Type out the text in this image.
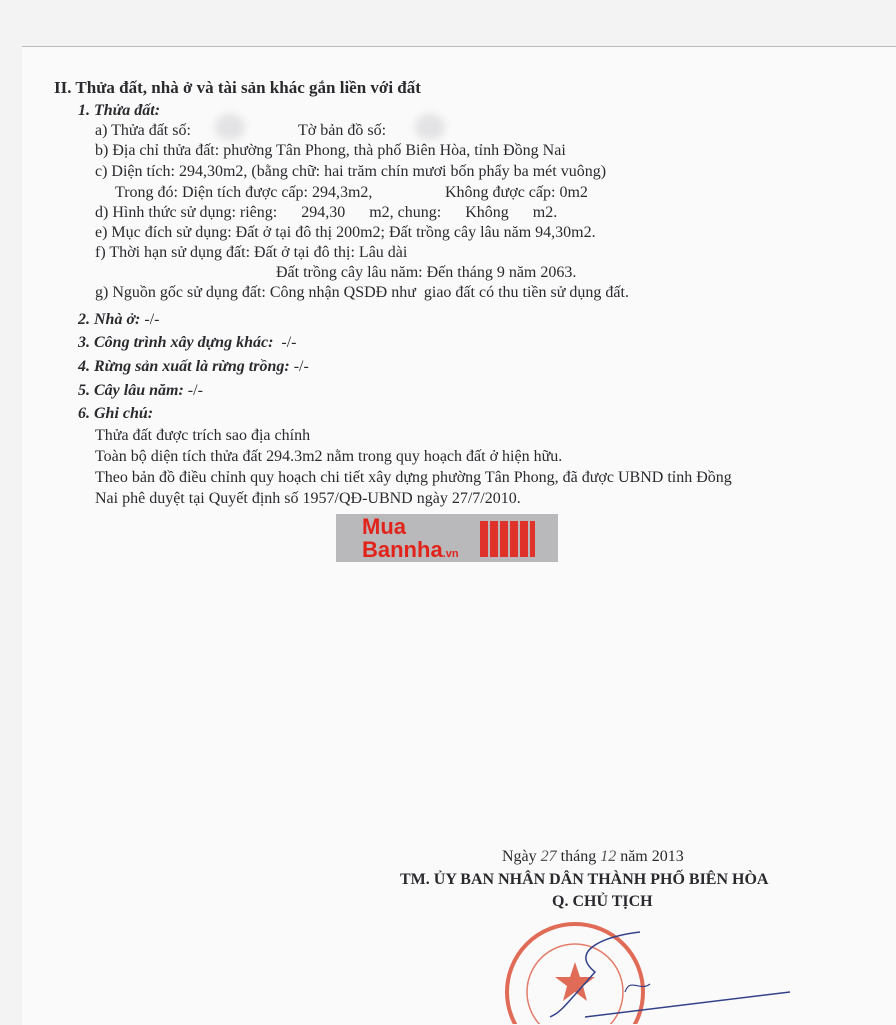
II. Thửa đất, nhà ở và tài sản khác gắn liền với đất
1. Thửa đất:
a) Thửa đất số:	Tờ bản đồ số:
b) Địa chỉ thửa đất: phường Tân Phong, thà phố Biên Hòa, tỉnh Đồng Nai
c) Diện tích: 294,30m2, (bằng chữ: hai trăm chín mươi bốn phẩy ba mét vuông)
Trong đó: Diện tích được cấp: 294,3m2,	Không được cấp: 0m2
d) Hình thức sử dụng: riêng:      294,30      m2, chung:      Không      m2.
e) Mục đích sử dụng: Đất ở tại đô thị 200m2; Đất trồng cây lâu năm 94,30m2.
f) Thời hạn sử dụng đất: Đất ở tại đô thị: Lâu dài
Đất trồng cây lâu năm: Đến tháng 9 năm 2063.
g) Nguồn gốc sử dụng đất: Công nhận QSDĐ như  giao đất có thu tiền sử dụng đất.
2. Nhà ở: -/-
3. Công trình xây dựng khác:  -/-
4. Rừng sản xuất là rừng trồng: -/-
5. Cây lâu năm: -/-
6. Ghi chú:
Thửa đất được trích sao địa chính
Toàn bộ diện tích thửa đất 294.3m2 nằm trong quy hoạch đất ở hiện hữu.
Theo bản đồ điều chỉnh quy hoạch chi tiết xây dựng phường Tân Phong, đã được UBND tỉnh Đồng
Nai phê duyệt tại Quyết định số 1957/QĐ-UBND ngày 27/7/2010.
Mua
Bannha.vn
Ngày 27 tháng 12 năm 2013
TM. ỦY BAN NHÂN DÂN THÀNH PHỐ BIÊN HÒA
Q. CHỦ TỊCH
